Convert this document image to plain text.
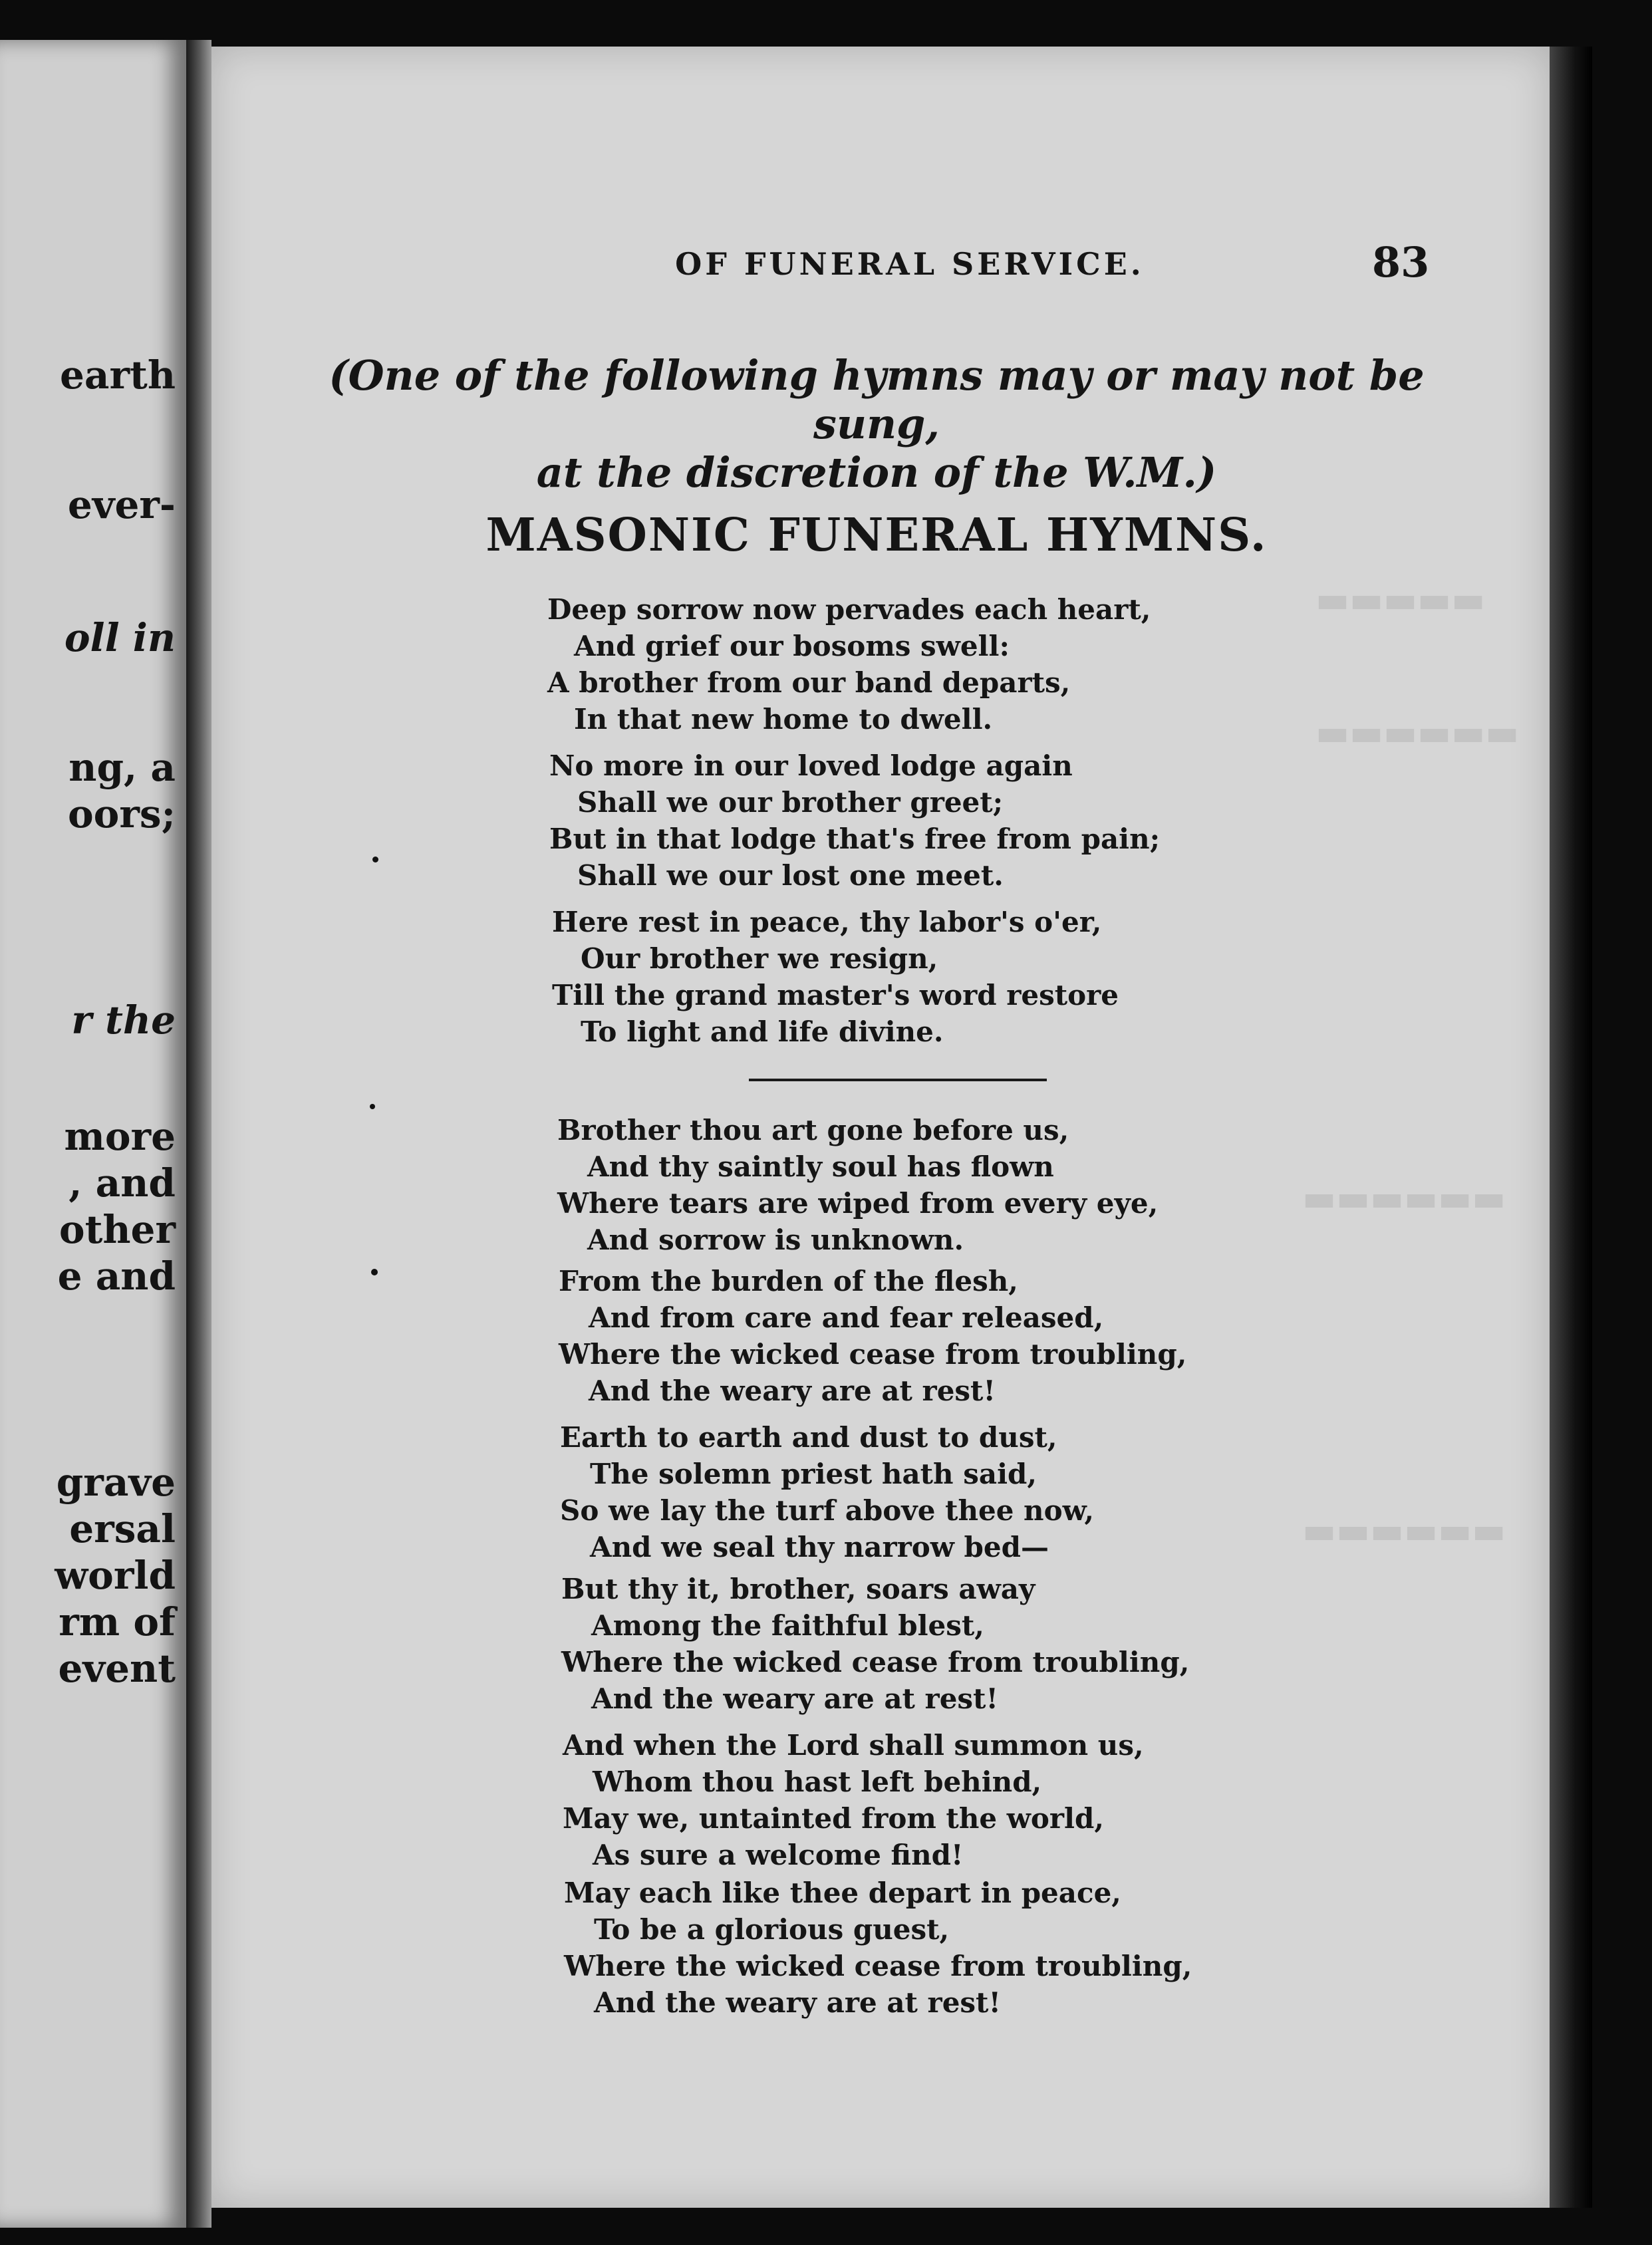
earth

ever-

oll in

ng, a

oors;

r the

more

, and

other

e and

grave

ersal

world

rm of

event

▬▬▬▬▬
▬▬▬▬▬▬
▬▬▬▬▬▬
▬▬▬▬▬▬

OF FUNERAL SERVICE.	83

(One of the following hymns may or may not be sung,
at the discretion of the W.M.)

MASONIC FUNERAL HYMNS.

Deep sorrow now pervades each heart,

And grief our bosoms swell:

A brother from our band departs,

In that new home to dwell.

No more in our loved lodge again

Shall we our brother greet;

But in that lodge that's free from pain;

Shall we our lost one meet.

Here rest in peace, thy labor's o'er,

Our brother we resign,

Till the grand master's word restore

To light and life divine.

Brother thou art gone before us,

And thy saintly soul has flown

Where tears are wiped from every eye,

And sorrow is unknown.

From the burden of the flesh,

And from care and fear released,

Where the wicked cease from troubling,

And the weary are at rest!

Earth to earth and dust to dust,

The solemn priest hath said,

So we lay the turf above thee now,

And we seal thy narrow bed—

But thy it, brother, soars away

Among the faithful blest,

Where the wicked cease from troubling,

And the weary are at rest!

And when the Lord shall summon us,

Whom thou hast left behind,

May we, untainted from the world,

As sure a welcome find!

May each like thee depart in peace,

To be a glorious guest,

Where the wicked cease from troubling,

And the weary are at rest!
